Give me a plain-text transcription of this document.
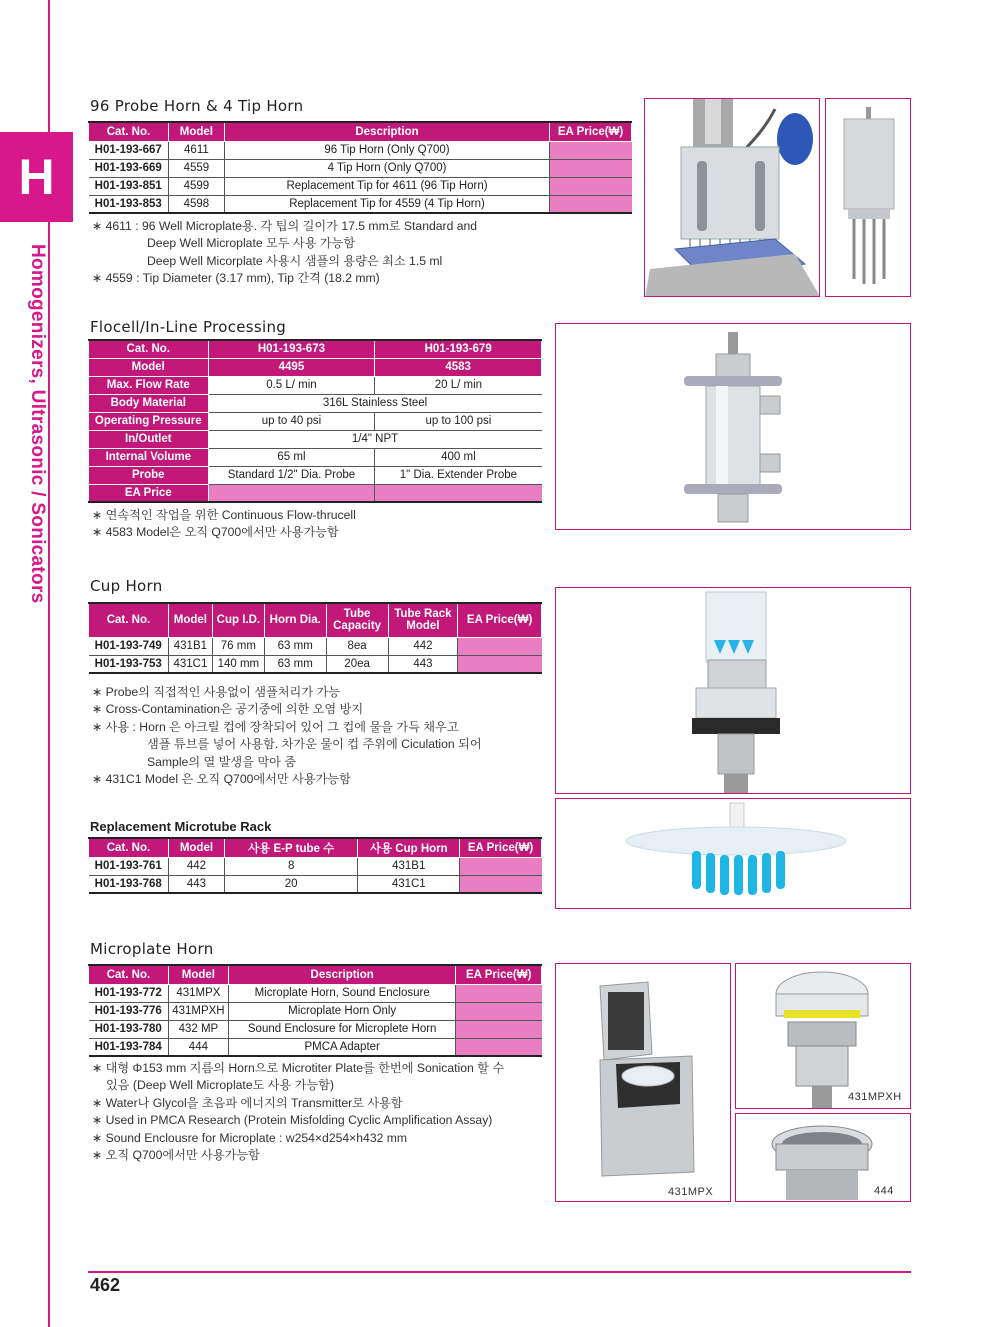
H
Homogenizers, Ultrasonic / Sonicators
96 Probe Horn & 4 Tip Horn
Cat. No.	Model	Description	EA Price(₩)
H01-193-667	4611	96 Tip Horn (Only Q700)	
H01-193-669	4559	4 Tip Horn (Only Q700)	
H01-193-851	4599	Replacement Tip for 4611 (96 Tip Horn)	
H01-193-853	4598	Replacement Tip for 4559 (4 Tip Horn)	
∗ 4611 : 96 Well Microplate용. 각 팁의 길이가 17.5 mm로 Standard and
Deep Well Microplate 모두 사용 가능함
Deep Well Micorplate 사용시 샘플의 용량은 최소 1.5 ml
∗ 4559 : Tip Diameter (3.17 mm), Tip 간격 (18.2 mm)
Flocell/In-Line Processing
Cat. No.	H01-193-673	H01-193-679
Model	4495	4583
Max. Flow Rate	0.5 L/ min	20 L/ min
Body Material	316L Stainless Steel	
Operating Pressure	up to 40 psi	up to 100 psi
In/Outlet	1/4" NPT	
Internal Volume	65 ml	400 ml
Probe	Standard 1/2" Dia. Probe	1" Dia. Extender Probe
EA Price		
∗ 연속적인 작업을 위한 Continuous Flow-thrucell
∗ 4583 Model은 오직 Q700에서만 사용가능함
Cup Horn
Cat. No.	Model	Cup I.D.	Horn Dia.	Tube Capacity	Tube Rack Model	EA Price(₩)
H01-193-749	431B1	76 mm	63 mm	8ea	442	
H01-193-753	431C1	140 mm	63 mm	20ea	443	
∗ Probe의 직접적인 사용없이 샘플처리가 가능
∗ Cross-Contamination은 공기중에 의한 오염 방지
∗ 사용 : Horn 은 아크릴 컵에 장착되어 있어 그 컵에 물을 가득 채우고
샘플 튜브를 넣어 사용함. 차가운 물이 컵 주위에 Ciculation 되어
Sample의 열 발생을 막아 줌
∗ 431C1 Model 은 오직 Q700에서만 사용가능함
Replacement Microtube Rack
Cat. No.	Model	사용 E-P tube 수	사용 Cup Horn	EA Price(₩)
H01-193-761	442	8	431B1	
H01-193-768	443	20	431C1	
Microplate Horn
Cat. No.	Model	Description	EA Price(₩)
H01-193-772	431MPX	Microplate Horn, Sound Enclosure	
H01-193-776	431MPXH	Microplate Horn Only	
H01-193-780	432 MP	Sound Enclosure for Microplete Horn	
H01-193-784	444	PMCA Adapter	
∗ 대형 Φ153 mm 지름의 Horn으로 Microtiter Plate를 한번에 Sonication 할 수
있음 (Deep Well Microplate도 사용 가능함)
∗ Water나 Glycol을 초음파 에너지의 Transmitter로 사용함
∗ Used in PMCA Research (Protein Misfolding Cyclic Amplification Assay)
∗ Sound Enclousre for Microplate : w254×d254×h432 mm
∗ 오직 Q700에서만 사용가능함
431MPX
431MPXH
444
462
